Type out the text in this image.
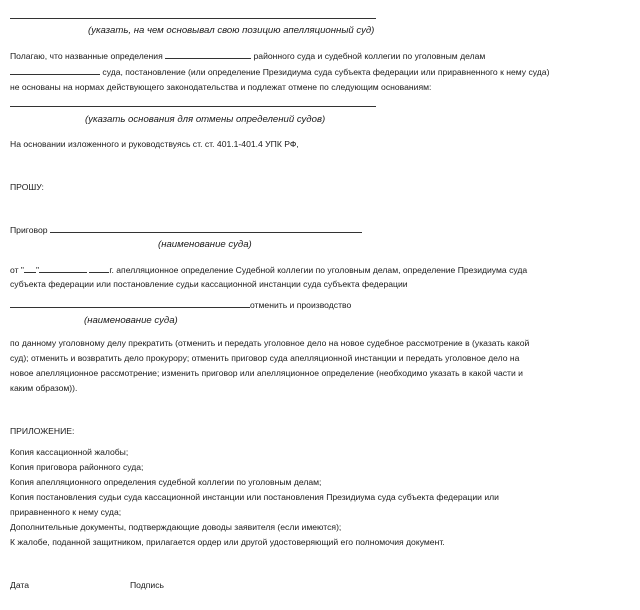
(указать, на чем основывал свою позицию апелляционный суд)
Полагаю, что названные определения	районного суда и судебной коллегии по уголовным делам
суда, постановление (или определение Президиума суда субъекта федерации или приравненного к нему суда)
не основаны на нормах действующего законодательства и подлежат отмене по следующим основаниям:
(указать основания для отмены определений судов)
На основании изложенного и руководствуясь ст. ст. 401.1-401.4 УПК РФ,
ПРОШУ:
Приговор
(наименование суда)
от " "	г. апелляционное определение Судебной коллегии по уголовным делам, определение Президиума суда
субъекта федерации или постановление судьи кассационной инстанции суда субъекта федерации
отменить и производство
(наименование суда)
по данному уголовному делу прекратить (отменить и передать уголовное дело на новое судебное рассмотрение в (указать какой
суд); отменить и возвратить дело прокурору; отменить приговор суда апелляционной инстанции и передать уголовное дело на
новое апелляционное рассмотрение; изменить приговор или апелляционное определение (необходимо указать в какой части и
каким образом)).
ПРИЛОЖЕНИЕ:
Копия кассационной жалобы;
Копия приговора районного суда;
Копия апелляционного определения судебной коллегии по уголовным делам;
Копия постановления судьи суда кассационной инстанции или постановления Президиума суда субъекта федерации или
приравненного к нему суда;
Дополнительные документы, подтверждающие доводы заявителя (если имеются);
К жалобе, поданной защитником, прилагается ордер или другой удостоверяющий его полномочия документ.
Дата	Подпись
